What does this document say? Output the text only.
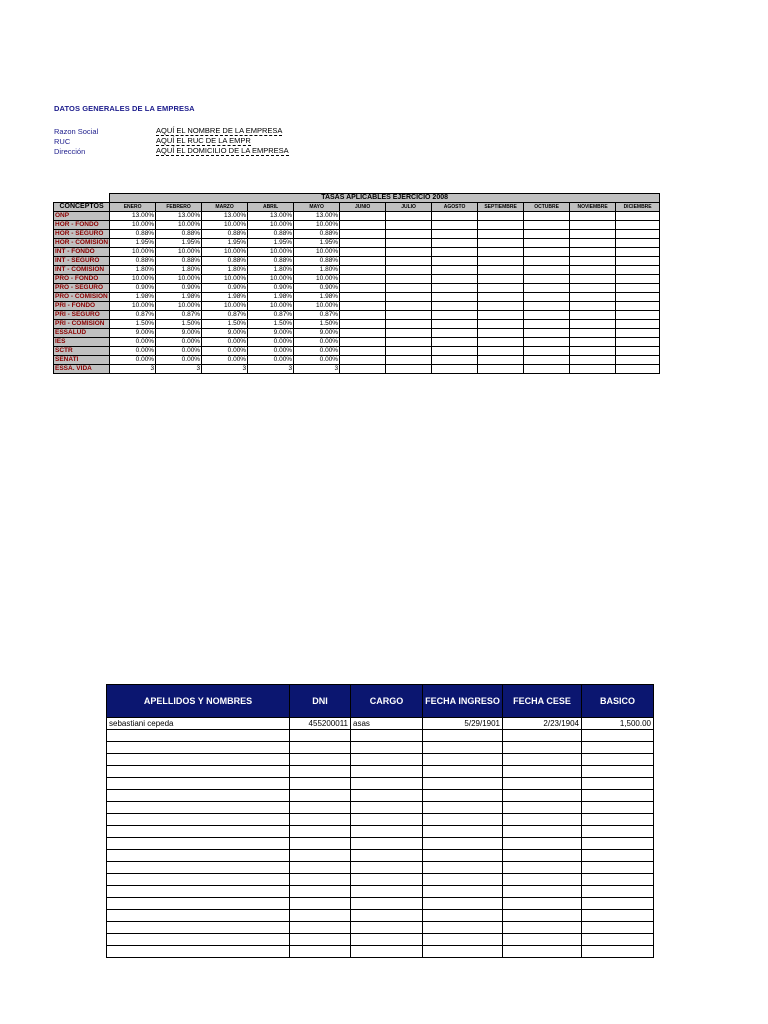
DATOS GENERALES DE LA EMPRESA
Razon Social	AQUÍ EL NOMBRE DE LA EMPRESA
RUC	AQUÍ EL RUC DE LA EMPR
Dirección	AQUÍ EL DOMICILIO DE LA EMPRESA
	TASAS APLICABLES EJERCICIO 2008											
CONCEPTOS	ENERO	FEBRERO	MARZO	ABRIL	MAYO	JUNIO	JULIO	AGOSTO	SEPTIEMBRE	OCTUBRE	NOVIEMBRE	DICIEMBRE
ONP	13.00%	13.00%	13.00%	13.00%	13.00%							
HOR - FONDO	10.00%	10.00%	10.00%	10.00%	10.00%							
HOR - SEGURO	0.88%	0.88%	0.88%	0.88%	0.88%							
HOR - COMISION	1.95%	1.95%	1.95%	1.95%	1.95%							
INT - FONDO	10.00%	10.00%	10.00%	10.00%	10.00%							
INT - SEGURO	0.88%	0.88%	0.88%	0.88%	0.88%							
INT - COMISION	1.80%	1.80%	1.80%	1.80%	1.80%							
PRO - FONDO	10.00%	10.00%	10.00%	10.00%	10.00%							
PRO - SEGURO	0.90%	0.90%	0.90%	0.90%	0.90%							
PRO - COMISION	1.98%	1.98%	1.98%	1.98%	1.98%							
PRI - FONDO	10.00%	10.00%	10.00%	10.00%	10.00%							
PRI - SEGURO	0.87%	0.87%	0.87%	0.87%	0.87%							
PRI - COMISION	1.50%	1.50%	1.50%	1.50%	1.50%							
ESSALUD	9.00%	9.00%	9.00%	9.00%	9.00%							
IES	0.00%	0.00%	0.00%	0.00%	0.00%							
SCTR	0.00%	0.00%	0.00%	0.00%	0.00%							
SENATI	0.00%	0.00%	0.00%	0.00%	0.00%							
ESSA. VIDA	3	3	3	3	3							
APELLIDOS Y NOMBRES	DNI	CARGO	FECHA INGRESO	FECHA CESE	BASICO
sebastiani cepeda	455200011	asas	5/29/1901	2/23/1904	1,500.00
